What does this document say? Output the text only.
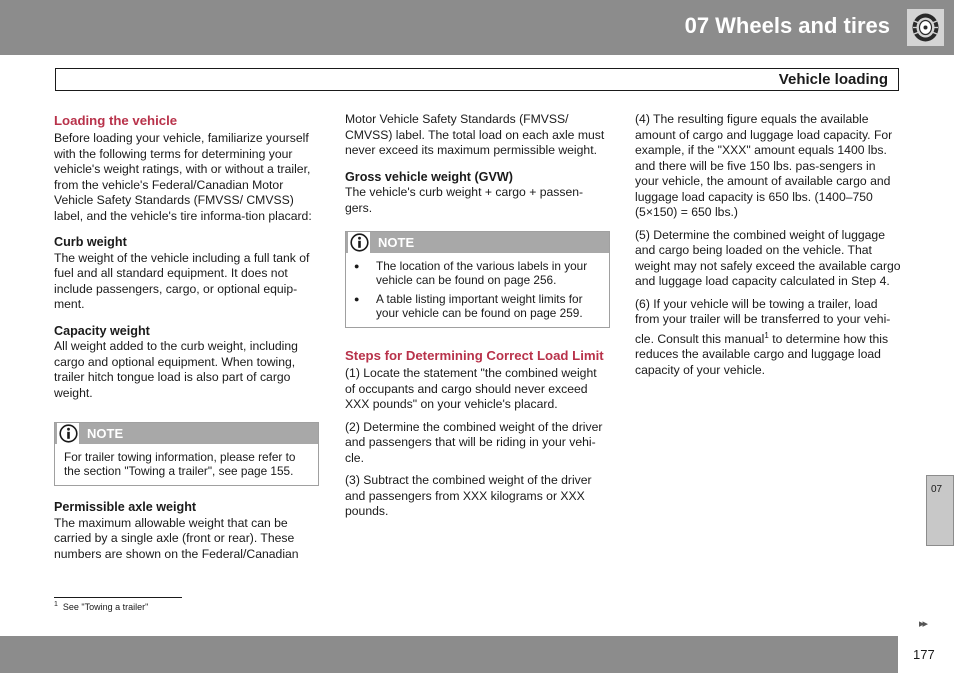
07 Wheels and tires
Vehicle loading
Loading the vehicle
Before loading your vehicle, familiarize yourself with the following terms for determining your vehicle's weight ratings, with or without a trailer, from the vehicle's Federal/Canadian Motor Vehicle Safety Standards (FMVSS/ CMVSS) label, and the vehicle's tire informa-tion placard:
Curb weight
The weight of the vehicle including a full tank of fuel and all standard equipment. It does not include passengers, cargo, or optional equip-ment.
Capacity weight
All weight added to the curb weight, including cargo and optional equipment. When towing, trailer hitch tongue load is also part of cargo weight.
NOTE
For trailer towing information, please refer to the section "Towing a trailer", see page 155.
Permissible axle weight
The maximum allowable weight that can be carried by a single axle (front or rear). These numbers are shown on the Federal/Canadian
Motor Vehicle Safety Standards (FMVSS/ CMVSS) label. The total load on each axle must never exceed its maximum permissible weight.
Gross vehicle weight (GVW)
The vehicle's curb weight + cargo + passen-gers.
NOTE
● The location of the various labels in your vehicle can be found on page 256.
● A table listing important weight limits for your vehicle can be found on page 259.
Steps for Determining Correct Load Limit
(1) Locate the statement "the combined weight of occupants and cargo should never exceed XXX pounds" on your vehicle's placard.
(2) Determine the combined weight of the driver and passengers that will be riding in your vehi-cle.
(3) Subtract the combined weight of the driver and passengers from XXX kilograms or XXX pounds.
(4) The resulting figure equals the available amount of cargo and luggage load capacity. For example, if the "XXX" amount equals 1400 lbs. and there will be five 150 lbs. pas-sengers in your vehicle, the amount of available cargo and luggage load capacity is 650 lbs. (1400–750 (5×150) = 650 lbs.)
(5) Determine the combined weight of luggage and cargo being loaded on the vehicle. That weight may not safely exceed the available cargo and luggage load capacity calculated in Step 4.
(6) If your vehicle will be towing a trailer, load from your trailer will be transferred to your vehi-cle. Consult this manual$^1$ to determine how this reduces the available cargo and luggage load capacity of your vehicle.
$^1$ See "Towing a trailer"
07
▸▸
177
